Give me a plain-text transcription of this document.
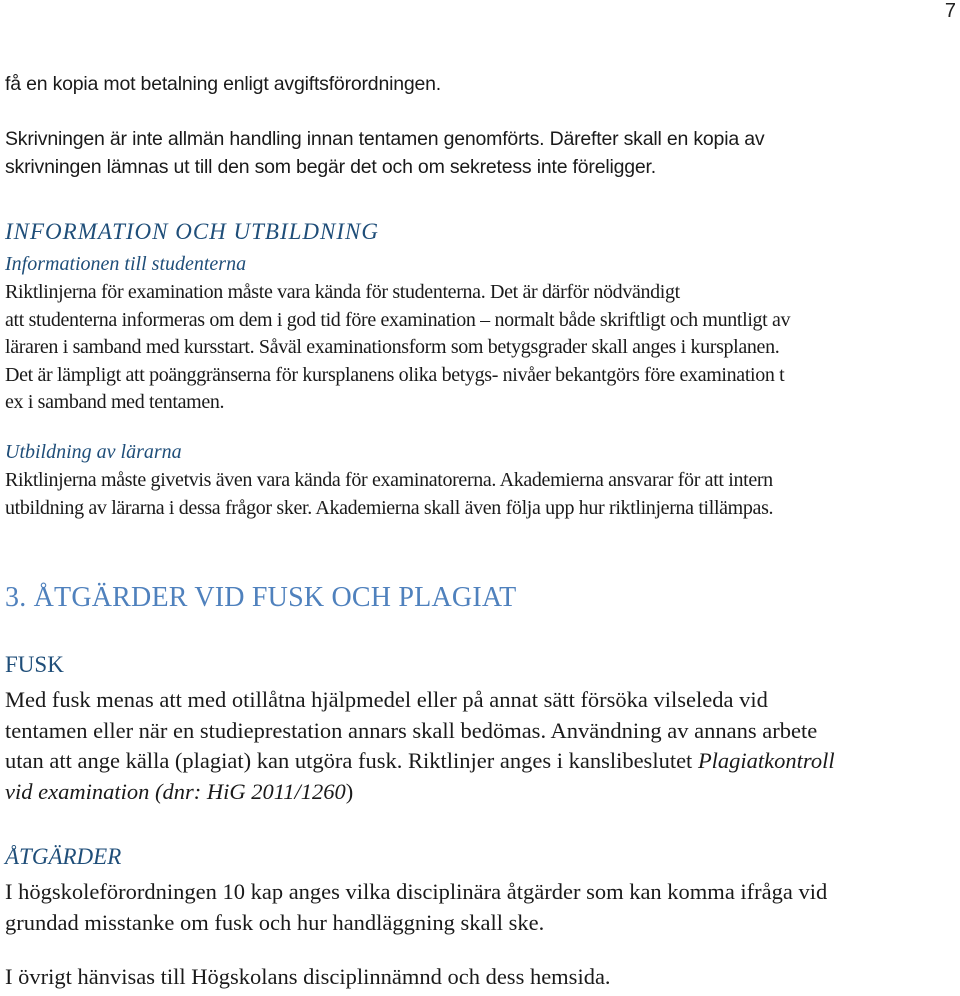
7

få en kopia mot betalning enligt avgiftsförordningen.

Skrivningen är inte allmän handling innan tentamen genomförts. Därefter skall en kopia av
skrivningen lämnas ut till den som begär det och om sekretess inte föreligger.

INFORMATION OCH UTBILDNING
Informationen till studenterna

Riktlinjerna för examination måste vara kända för studenterna. Det är därför nödvändigt
att studenterna informeras om dem i god tid före examination – normalt både skriftligt och muntligt av
läraren i samband med kursstart. Såväl examinationsform som betygsgrader skall anges i kursplanen.
Det är lämpligt att poänggränserna för kursplanens olika betygs- nivåer bekantgörs före examination t
ex i samband med tentamen.

Utbildning av lärarna

Riktlinjerna måste givetvis även vara kända för examinatorerna. Akademierna ansvarar för att intern
utbildning av lärarna i dessa frågor sker. Akademierna skall även följa upp hur riktlinjerna tillämpas.

3. ÅTGÄRDER VID FUSK OCH PLAGIAT
FUSK

Med fusk menas att med otillåtna hjälpmedel eller på annat sätt försöka vilseleda vid
tentamen eller när en studieprestation annars skall bedömas. Användning av annans arbete
utan att ange källa (plagiat) kan utgöra fusk. Riktlinjer anges i kanslibeslutet Plagiatkontroll
vid examination (dnr: HiG 2011/1260)

ÅTGÄRDER

I högskoleförordningen 10 kap anges vilka disciplinära åtgärder som kan komma ifråga vid
grundad misstanke om fusk och hur handläggning skall ske.

I övrigt hänvisas till Högskolans disciplinnämnd och dess hemsida.
